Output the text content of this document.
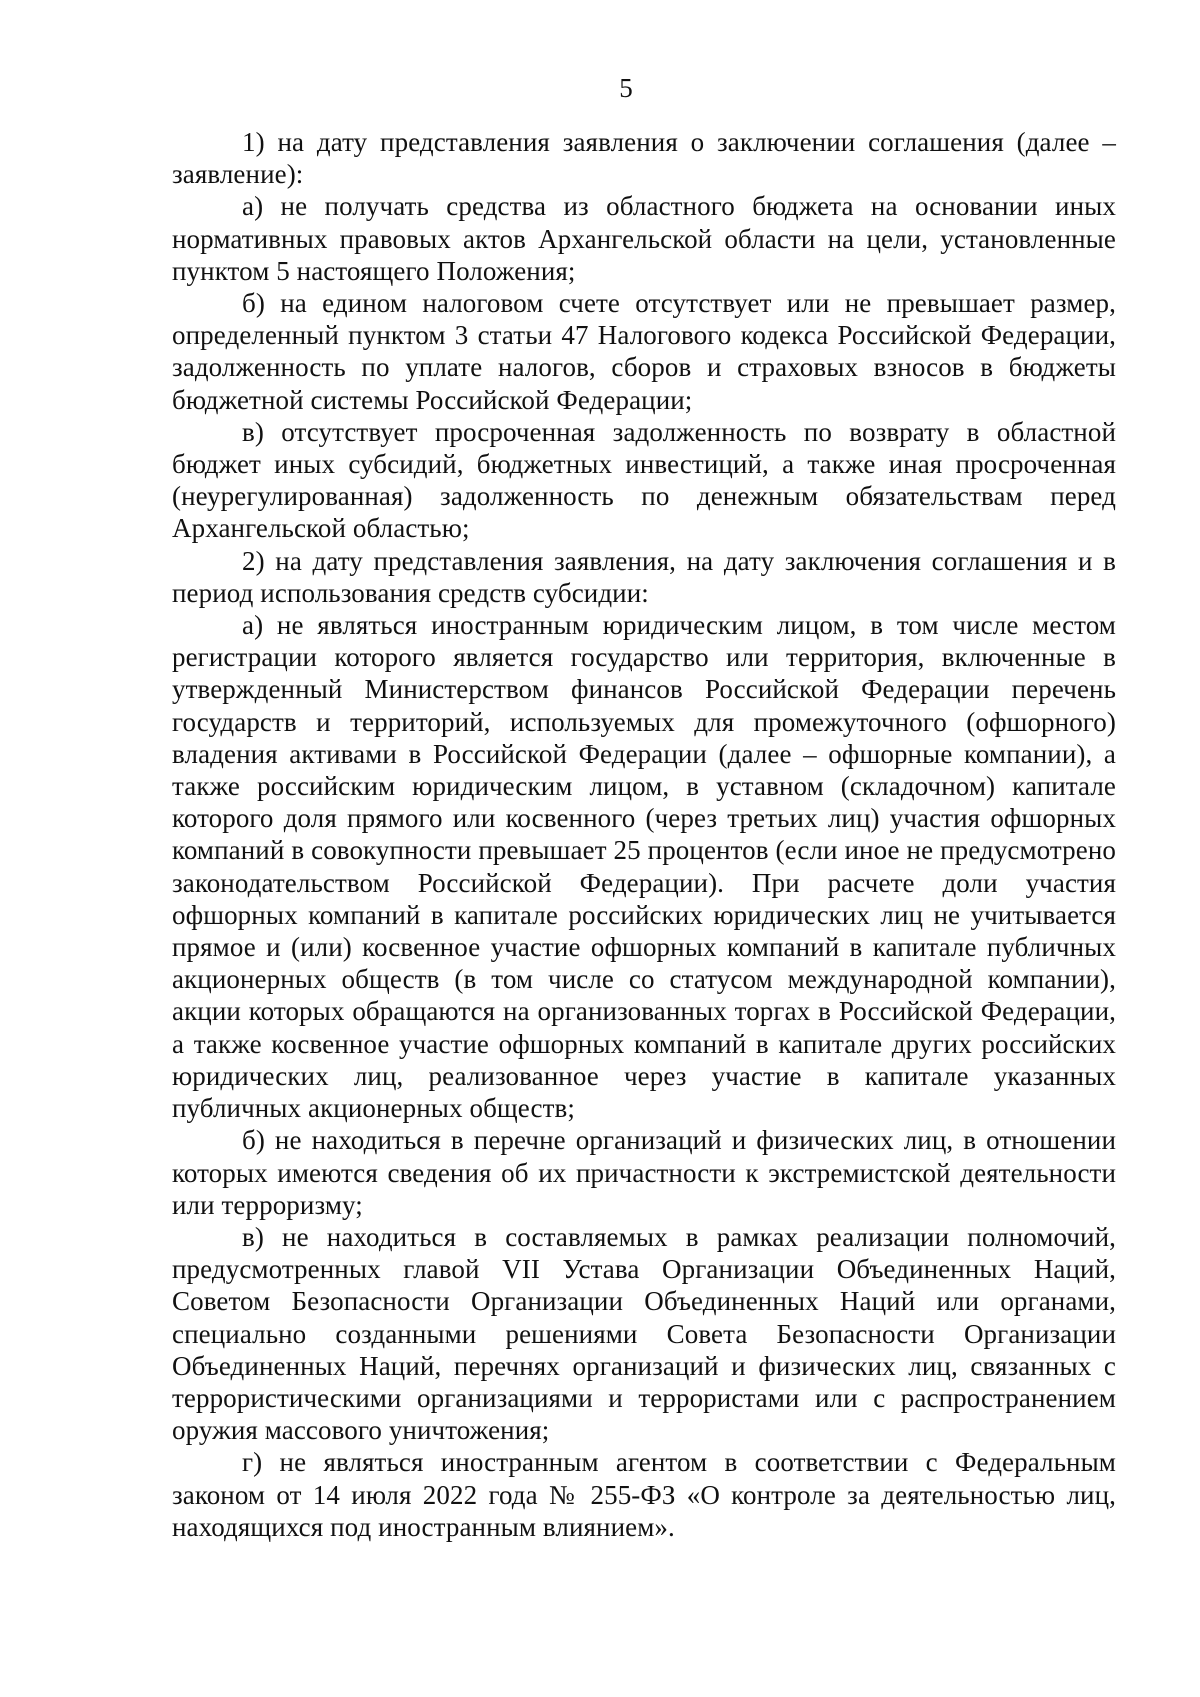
5

1) на дату представления заявления о заключении соглашения (далее – заявление):

а) не получать средства из областного бюджета на основании иных нормативных правовых актов Архангельской области на цели, установленные пунктом 5 настоящего Положения;

б) на едином налоговом счете отсутствует или не превышает размер, определенный пунктом 3 статьи 47 Налогового кодекса Российской Федерации, задолженность по уплате налогов, сборов и страховых взносов в бюджеты бюджетной системы Российской Федерации;

в) отсутствует просроченная задолженность по возврату в областной бюджет иных субсидий, бюджетных инвестиций, а также иная просроченная (неурегулированная) задолженность по денежным обязательствам перед Архангельской областью;

2) на дату представления заявления, на дату заключения соглашения и в период использования средств субсидии:

а) не являться иностранным юридическим лицом, в том числе местом регистрации которого является государство или территория, включенные в утвержденный Министерством финансов Российской Федерации перечень государств и территорий, используемых для промежуточного (офшорного) владения активами в Российской Федерации (далее – офшорные компании), а также российским юридическим лицом, в уставном (складочном) капитале которого доля прямого или косвенного (через третьих лиц) участия офшорных компаний в совокупности превышает 25 процентов (если иное не предусмотрено законодательством Российской Федерации). При расчете доли участия офшорных компаний в капитале российских юридических лиц не учитывается прямое и (или) косвенное участие офшорных компаний в капитале публичных акционерных обществ (в том числе со статусом международной компании), акции которых обращаются на организованных торгах в Российской Федерации, а также косвенное участие офшорных компаний в капитале других российских юридических лиц, реализованное через участие в капитале указанных публичных акционерных обществ;

б) не находиться в перечне организаций и физических лиц, в отношении которых имеются сведения об их причастности к экстремистской деятельности или терроризму;

в) не находиться в составляемых в рамках реализации полномочий, предусмотренных главой VII Устава Организации Объединенных Наций, Советом Безопасности Организации Объединенных Наций или органами, специально созданными решениями Совета Безопасности Организации Объединенных Наций, перечнях организаций и физических лиц, связанных с террористическими организациями и террористами или с распространением оружия массового уничтожения;

г) не являться иностранным агентом в соответствии с Федеральным законом от 14 июля 2022 года № 255-ФЗ «О контроле за деятельностью лиц, находящихся под иностранным влиянием».
